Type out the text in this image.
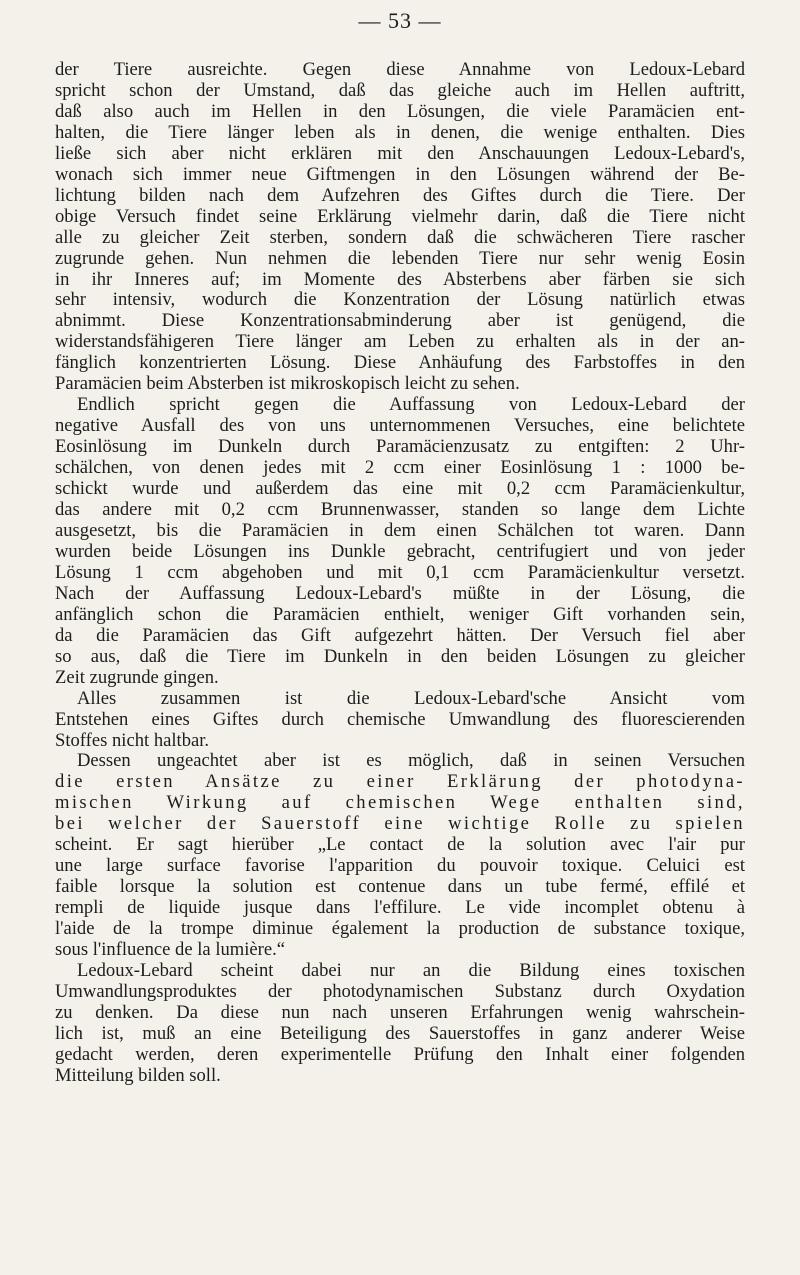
— 53 —
der Tiere ausreichte. Gegen diese Annahme von Ledoux-Lebard
spricht schon der Umstand, daß das gleiche auch im Hellen auftritt,
daß also auch im Hellen in den Lösungen, die viele Paramäcien ent-
halten, die Tiere länger leben als in denen, die wenige enthalten. Dies
ließe sich aber nicht erklären mit den Anschauungen Ledoux-Lebard's,
wonach sich immer neue Giftmengen in den Lösungen während der Be-
lichtung bilden nach dem Aufzehren des Giftes durch die Tiere. Der
obige Versuch findet seine Erklärung vielmehr darin, daß die Tiere nicht
alle zu gleicher Zeit sterben, sondern daß die schwächeren Tiere rascher
zugrunde gehen. Nun nehmen die lebenden Tiere nur sehr wenig Eosin
in ihr Inneres auf; im Momente des Absterbens aber färben sie sich
sehr intensiv, wodurch die Konzentration der Lösung natürlich etwas
abnimmt. Diese Konzentrationsabminderung aber ist genügend, die
widerstandsfähigeren Tiere länger am Leben zu erhalten als in der an-
fänglich konzentrierten Lösung. Diese Anhäufung des Farbstoffes in den
Paramäcien beim Absterben ist mikroskopisch leicht zu sehen.
Endlich spricht gegen die Auffassung von Ledoux-Lebard der
negative Ausfall des von uns unternommenen Versuches, eine belichtete
Eosinlösung im Dunkeln durch Paramäcienzusatz zu entgiften: 2 Uhr-
schälchen, von denen jedes mit 2 ccm einer Eosinlösung 1 : 1000 be-
schickt wurde und außerdem das eine mit 0,2 ccm Paramäcienkultur,
das andere mit 0,2 ccm Brunnenwasser, standen so lange dem Lichte
ausgesetzt, bis die Paramäcien in dem einen Schälchen tot waren. Dann
wurden beide Lösungen ins Dunkle gebracht, centrifugiert und von jeder
Lösung 1 ccm abgehoben und mit 0,1 ccm Paramäcienkultur versetzt.
Nach der Auffassung Ledoux-Lebard's müßte in der Lösung, die
anfänglich schon die Paramäcien enthielt, weniger Gift vorhanden sein,
da die Paramäcien das Gift aufgezehrt hätten. Der Versuch fiel aber
so aus, daß die Tiere im Dunkeln in den beiden Lösungen zu gleicher
Zeit zugrunde gingen.
Alles zusammen ist die Ledoux-Lebard'sche Ansicht vom
Entstehen eines Giftes durch chemische Umwandlung des fluorescierenden
Stoffes nicht haltbar.
Dessen ungeachtet aber ist es möglich, daß in seinen Versuchen
die ersten Ansätze zu einer Erklärung der photodyna-
mischen Wirkung auf chemischen Wege enthalten sind,
bei welcher der Sauerstoff eine wichtige Rolle zu spielen
scheint. Er sagt hierüber „Le contact de la solution avec l'air pur
une large surface favorise l'apparition du pouvoir toxique. Celuici est
faible lorsque la solution est contenue dans un tube fermé, effilé et
rempli de liquide jusque dans l'effilure. Le vide incomplet obtenu à
l'aide de la trompe diminue également la production de substance toxique,
sous l'influence de la lumière.“
Ledoux-Lebard scheint dabei nur an die Bildung eines toxischen
Umwandlungsproduktes der photodynamischen Substanz durch Oxydation
zu denken. Da diese nun nach unseren Erfahrungen wenig wahrschein-
lich ist, muß an eine Beteiligung des Sauerstoffes in ganz anderer Weise
gedacht werden, deren experimentelle Prüfung den Inhalt einer folgenden
Mitteilung bilden soll.
